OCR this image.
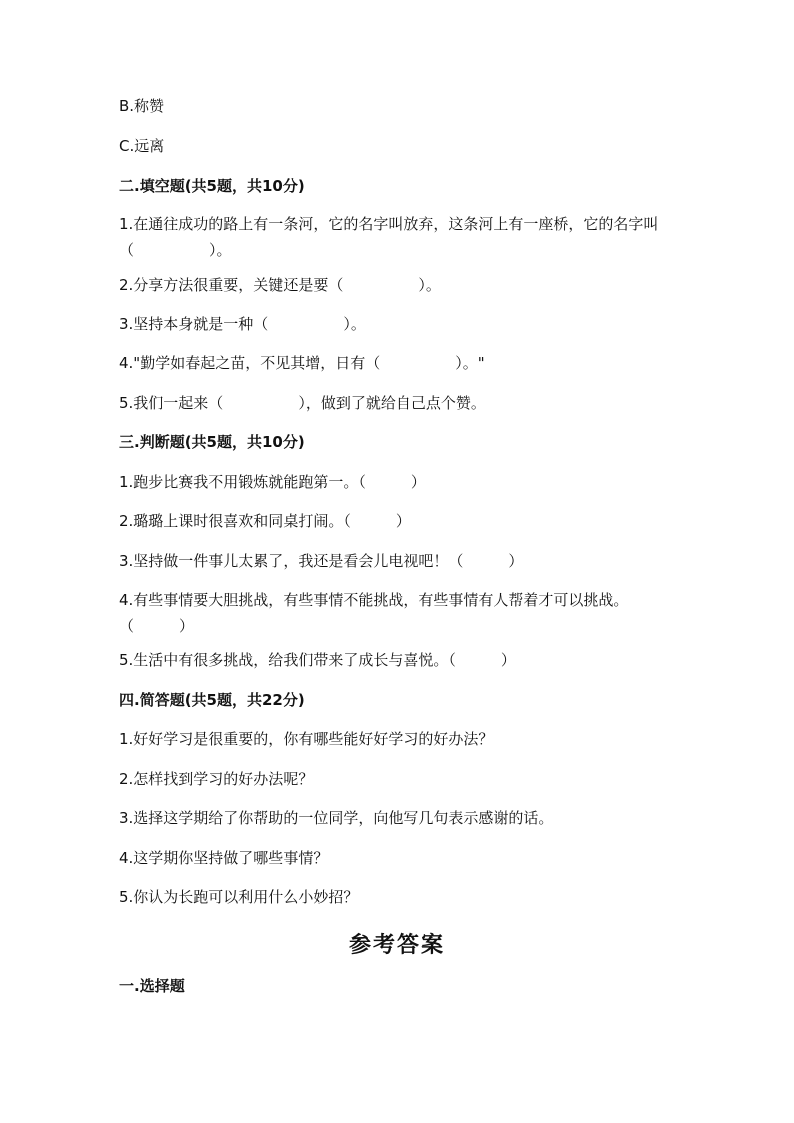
B.称赞
C.远离
二.填空题(共5题，共10分)
1.在通往成功的路上有一条河，它的名字叫放弃，这条河上有一座桥，它的名字叫（　　　　　）。
2.分享方法很重要，关键还是要（　　　　　）。
3.坚持本身就是一种（　　　　　）。
4."勤学如春起之苗，不见其增，日有（　　　　　）。"
5.我们一起来（　　　　　），做到了就给自己点个赞。
三.判断题(共5题，共10分)
1.跑步比赛我不用锻炼就能跑第一。（　　　）
2.璐璐上课时很喜欢和同桌打闹。（　　　）
3.坚持做一件事儿太累了，我还是看会儿电视吧！（　　　）
4.有些事情要大胆挑战，有些事情不能挑战，有些事情有人帮着才可以挑战。（　　　）
5.生活中有很多挑战，给我们带来了成长与喜悦。（　　　）
四.简答题(共5题，共22分)
1.好好学习是很重要的，你有哪些能好好学习的好办法？
2.怎样找到学习的好办法呢？
3.选择这学期给了你帮助的一位同学，向他写几句表示感谢的话。
4.这学期你坚持做了哪些事情？
5.你认为长跑可以利用什么小妙招？
参考答案
一.选择题
